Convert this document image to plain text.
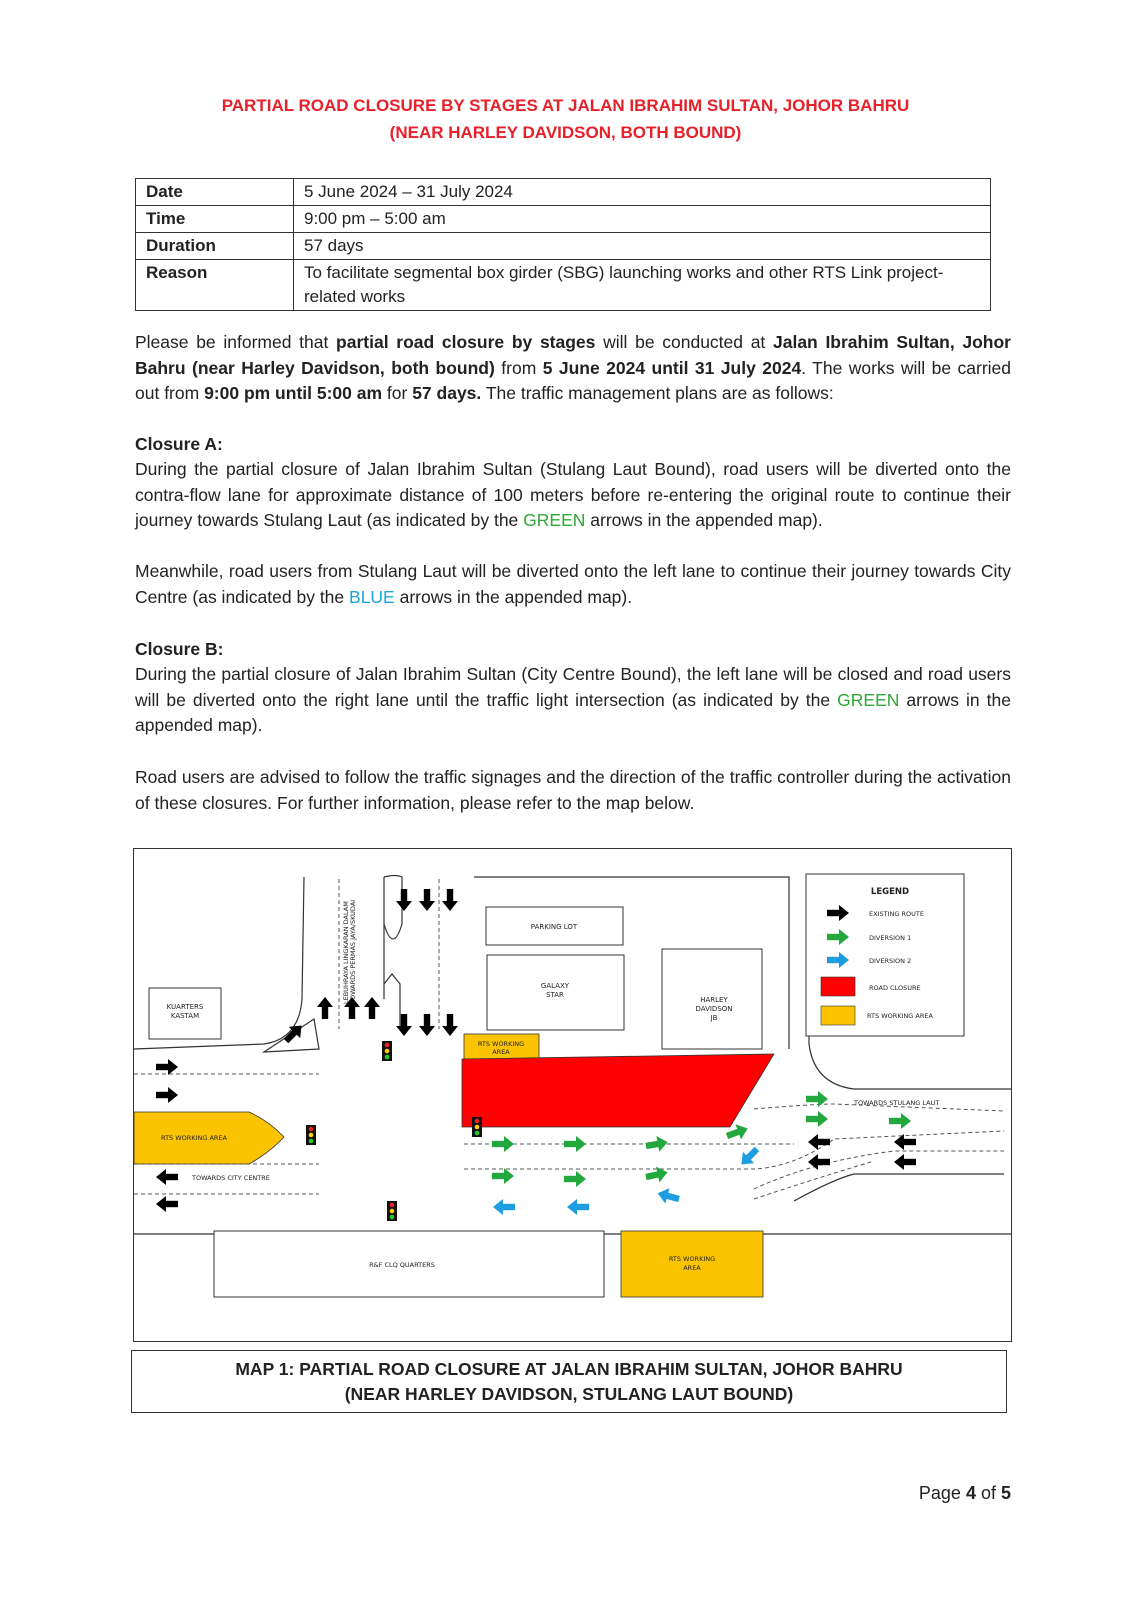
PARTIAL ROAD CLOSURE BY STAGES AT JALAN IBRAHIM SULTAN, JOHOR BAHRU
(NEAR HARLEY DAVIDSON, BOTH BOUND)
Date	5 June 2024 – 31 July 2024
Time	9:00 pm – 5:00 am
Duration	57 days
Reason	To facilitate segmental box girder (SBG) launching works and other RTS Link project-related works
Please be informed that partial road closure by stages will be conducted at Jalan Ibrahim Sultan, Johor Bahru (near Harley Davidson, both bound) from 5 June 2024 until 31 July 2024. The works will be carried out from 9:00 pm until 5:00 am for 57 days. The traffic management plans are as follows:
Closure A:
During the partial closure of Jalan Ibrahim Sultan (Stulang Laut Bound), road users will be diverted onto the contra-flow lane for approximate distance of 100 meters before re-entering the original route to continue their journey towards Stulang Laut (as indicated by the GREEN arrows in the appended map).
Meanwhile, road users from Stulang Laut will be diverted onto the left lane to continue their journey towards City Centre (as indicated by the BLUE arrows in the appended map).
Closure B:
During the partial closure of Jalan Ibrahim Sultan (City Centre Bound), the left lane will be closed and road users will be diverted onto the right lane until the traffic light intersection (as indicated by the GREEN arrows in the appended map).
Road users are advised to follow the traffic signages and the direction of the traffic controller during the activation of these closures. For further information, please refer to the map below.
PARKING LOT
GALAXY
STAR
HARLEY
DAVIDSON
JB
KUARTERS
KASTAM
LEBUHRAYA LINGKARAN DALAM TOWARDS PERMAS JAYA/SKUDAI
RTS WORKING
AREA
RTS WORKING AREA
TOWARDS CITY CENTRE
TOWARDS STULANG LAUT
R&F CLQ QUARTERS
RTS WORKING
AREA
LEGEND
EXISTING ROUTE
DIVERSION 1
DIVERSION 2
ROAD CLOSURE
RTS WORKING AREA
MAP 1: PARTIAL ROAD CLOSURE AT JALAN IBRAHIM SULTAN, JOHOR BAHRU
(NEAR HARLEY DAVIDSON, STULANG LAUT BOUND)
Page 4 of 5
